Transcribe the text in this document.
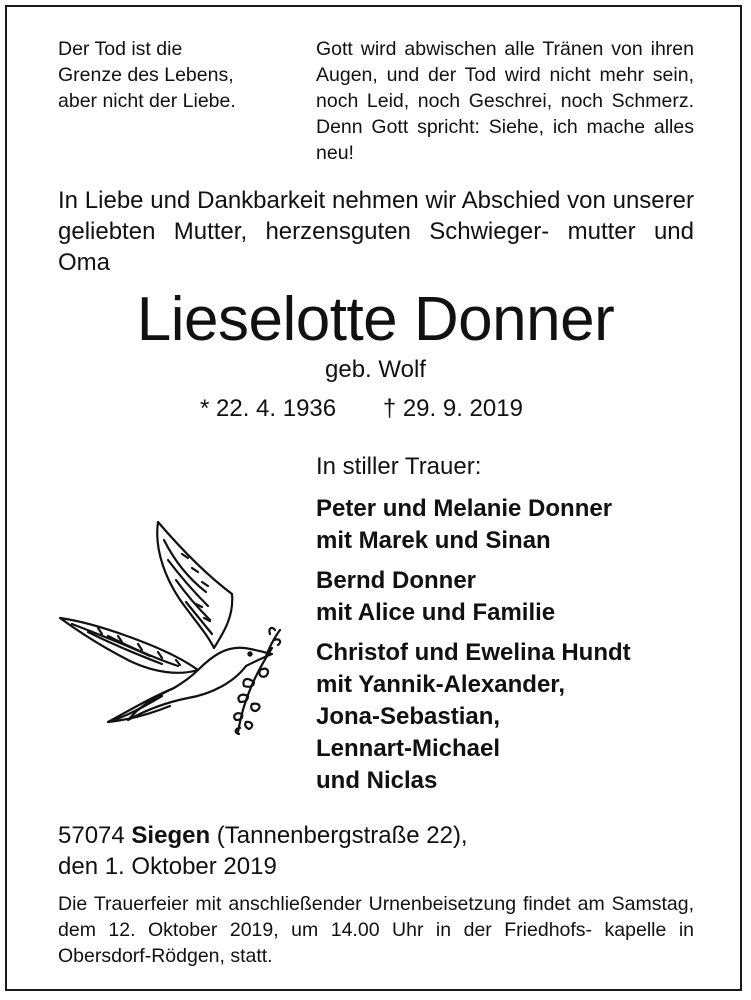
Der Tod ist die
Grenze des Lebens,
aber nicht der Liebe.
Gott wird abwischen alle Tränen von ihren Augen, und der Tod wird nicht mehr sein, noch Leid, noch Geschrei, noch Schmerz. Denn Gott spricht: Siehe, ich mache alles neu!
In Liebe und Dankbarkeit nehmen wir Abschied von unserer geliebten Mutter, herzensguten Schwieger- mutter und Oma
Lieselotte Donner
geb. Wolf
* 22. 4. 1936 † 29. 9. 2019
In stiller Trauer:
Peter und Melanie Donner
mit Marek und Sinan
Bernd Donner
mit Alice und Familie
Christof und Ewelina Hundt
mit Yannik-Alexander,
Jona-Sebastian,
Lennart-Michael
und Niclas
57074 Siegen (Tannenbergstraße 22),
den 1. Oktober 2019
Die Trauerfeier mit anschließender Urnenbeisetzung findet am Samstag, dem 12. Oktober 2019, um 14.00 Uhr in der Friedhofs- kapelle in Obersdorf-Rödgen, statt.
